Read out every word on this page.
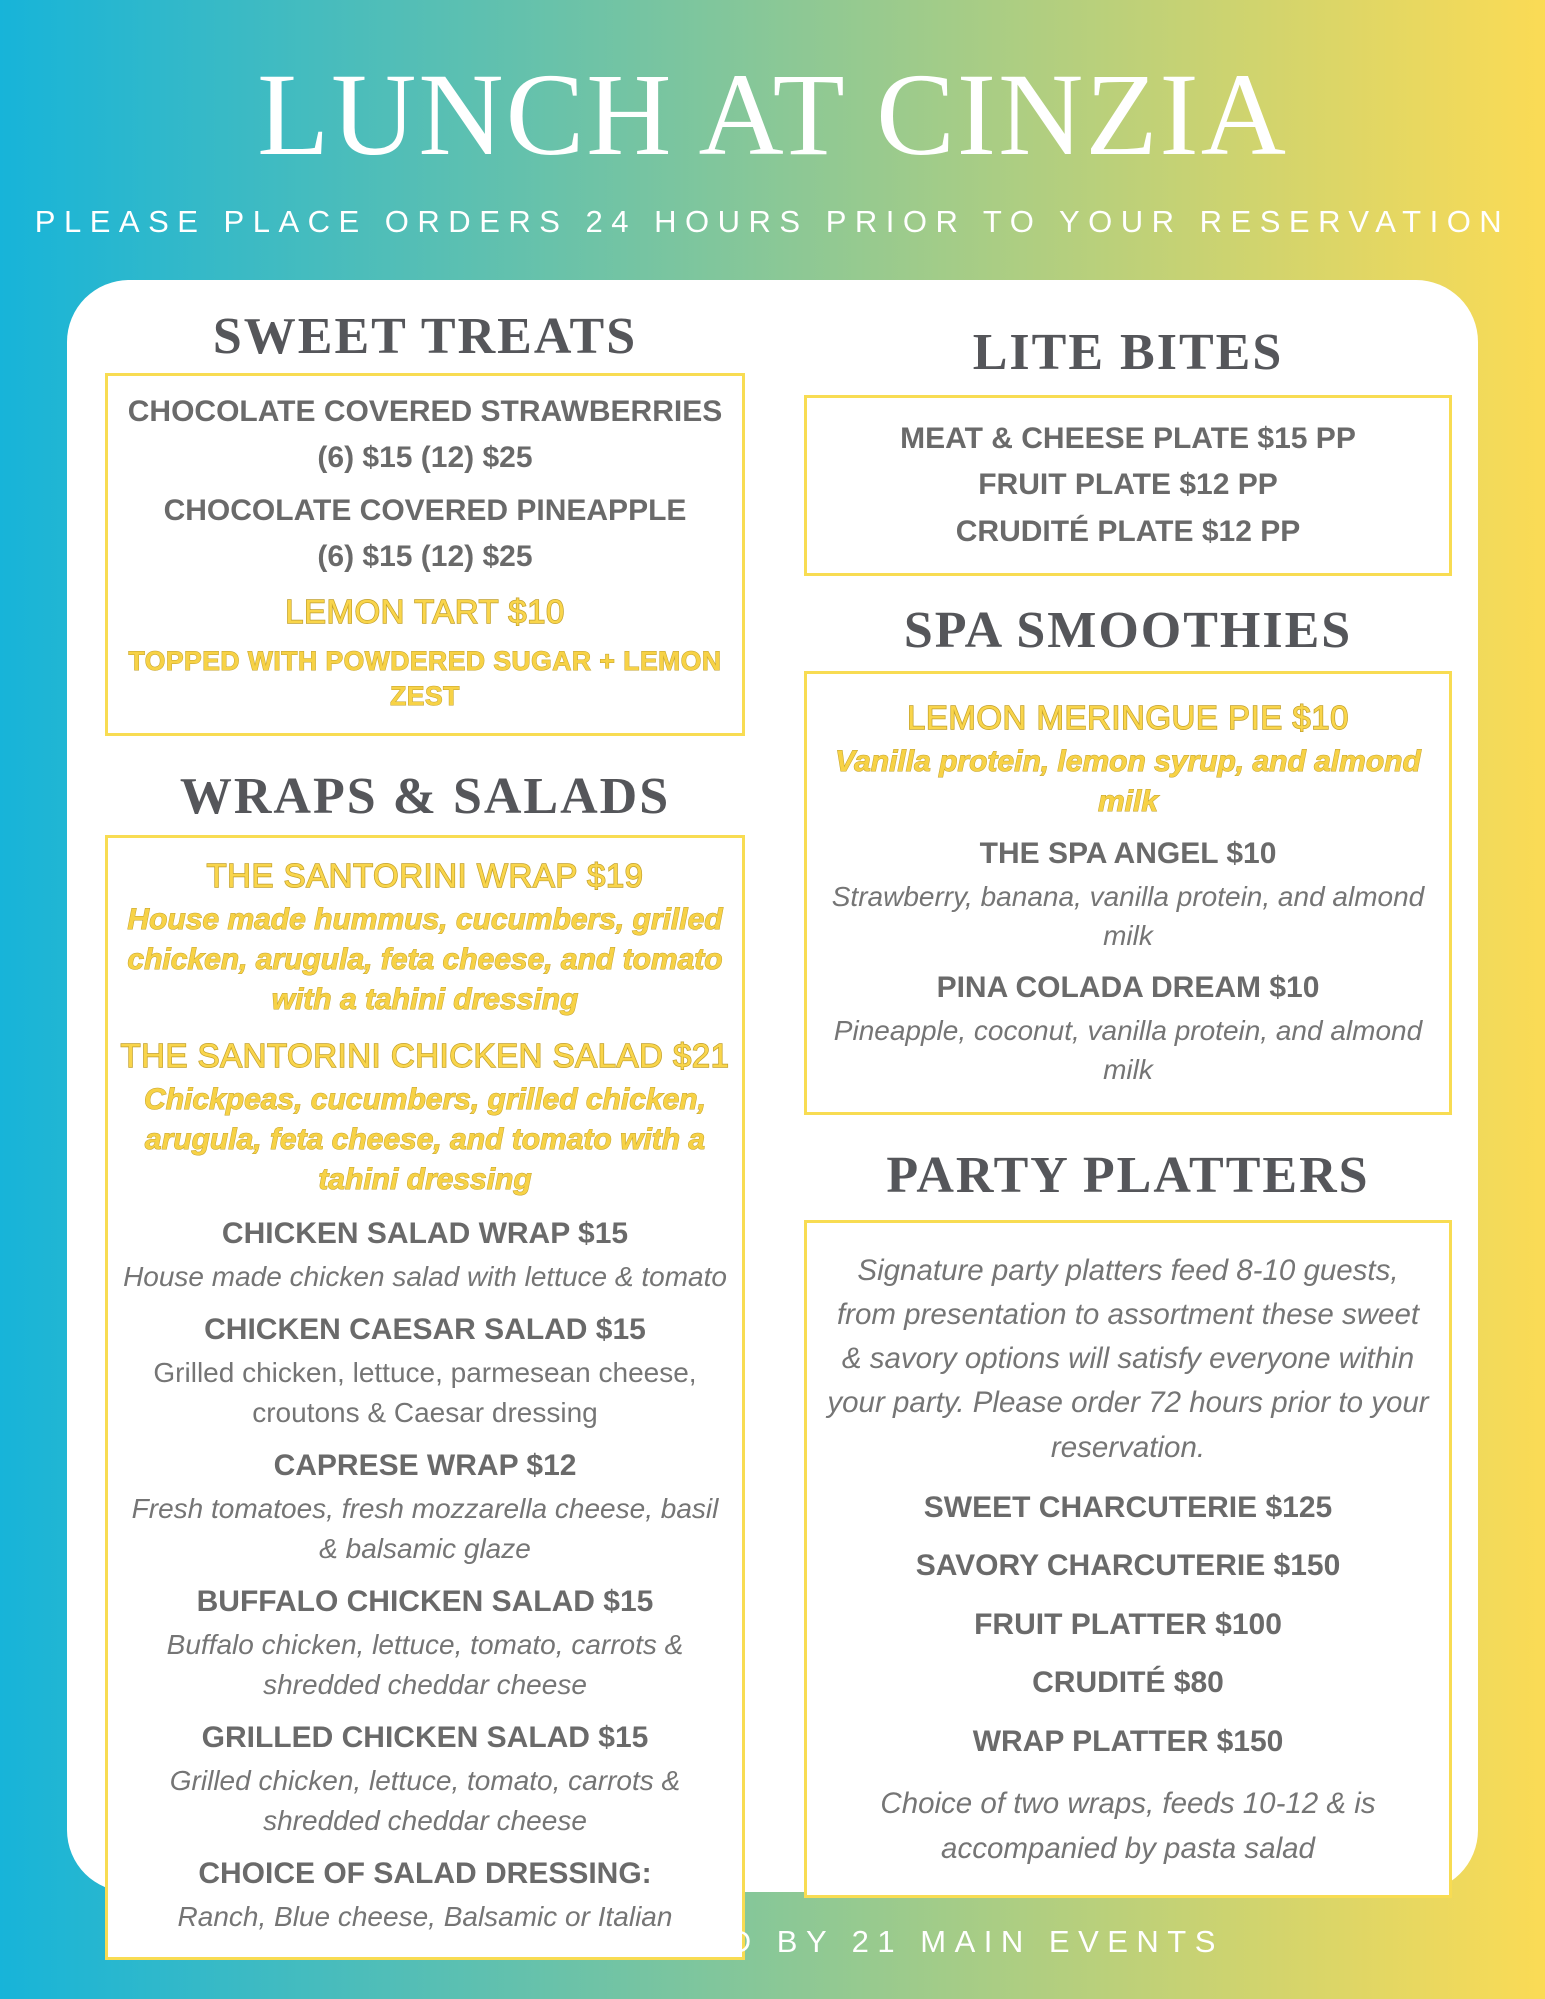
LUNCH AT CINZIA

PLEASE PLACE ORDERS 24 HOURS PRIOR TO YOUR RESERVATION

SWEET TREATS

CHOCOLATE COVERED STRAWBERRIES

(6) $15 (12) $25

CHOCOLATE COVERED PINEAPPLE

(6) $15 (12) $25

LEMON TART $10

TOPPED WITH POWDERED SUGAR + LEMON ZEST

WRAPS & SALADS

THE SANTORINI WRAP $19

House made hummus, cucumbers, grilled chicken, arugula, feta cheese, and tomato with a tahini dressing

THE SANTORINI CHICKEN SALAD $21

Chickpeas, cucumbers, grilled chicken, arugula, feta cheese, and tomato with a tahini dressing

CHICKEN SALAD WRAP $15

House made chicken salad with lettuce & tomato

CHICKEN CAESAR SALAD $15

Grilled chicken, lettuce, parmesean cheese, croutons & Caesar dressing

CAPRESE WRAP $12

Fresh tomatoes, fresh mozzarella cheese, basil & balsamic glaze

BUFFALO CHICKEN SALAD $15

Buffalo chicken, lettuce, tomato, carrots & shredded cheddar cheese

GRILLED CHICKEN SALAD $15

Grilled chicken, lettuce, tomato, carrots & shredded cheddar cheese

CHOICE OF SALAD DRESSING:

Ranch, Blue cheese, Balsamic or Italian

LITE BITES

MEAT & CHEESE PLATE $15 PP

FRUIT PLATE $12 PP

CRUDITÉ PLATE $12 PP

SPA SMOOTHIES

LEMON MERINGUE PIE $10

Vanilla protein, lemon syrup, and almond milk

THE SPA ANGEL $10

Strawberry, banana, vanilla protein, and almond milk

PINA COLADA DREAM $10

Pineapple, coconut, vanilla protein, and almond milk

PARTY PLATTERS

Signature party platters feed 8-10 guests, from presentation to assortment these sweet & savory options will satisfy everyone within your party. Please order 72 hours prior to your reservation.

SWEET CHARCUTERIE $125

SAVORY CHARCUTERIE $150

FRUIT PLATTER $100

CRUDITÉ $80

WRAP PLATTER $150

Choice of two wraps, feeds 10-12 & is accompanied by pasta salad

CUISINE PREPARED BY 21 MAIN EVENTS
